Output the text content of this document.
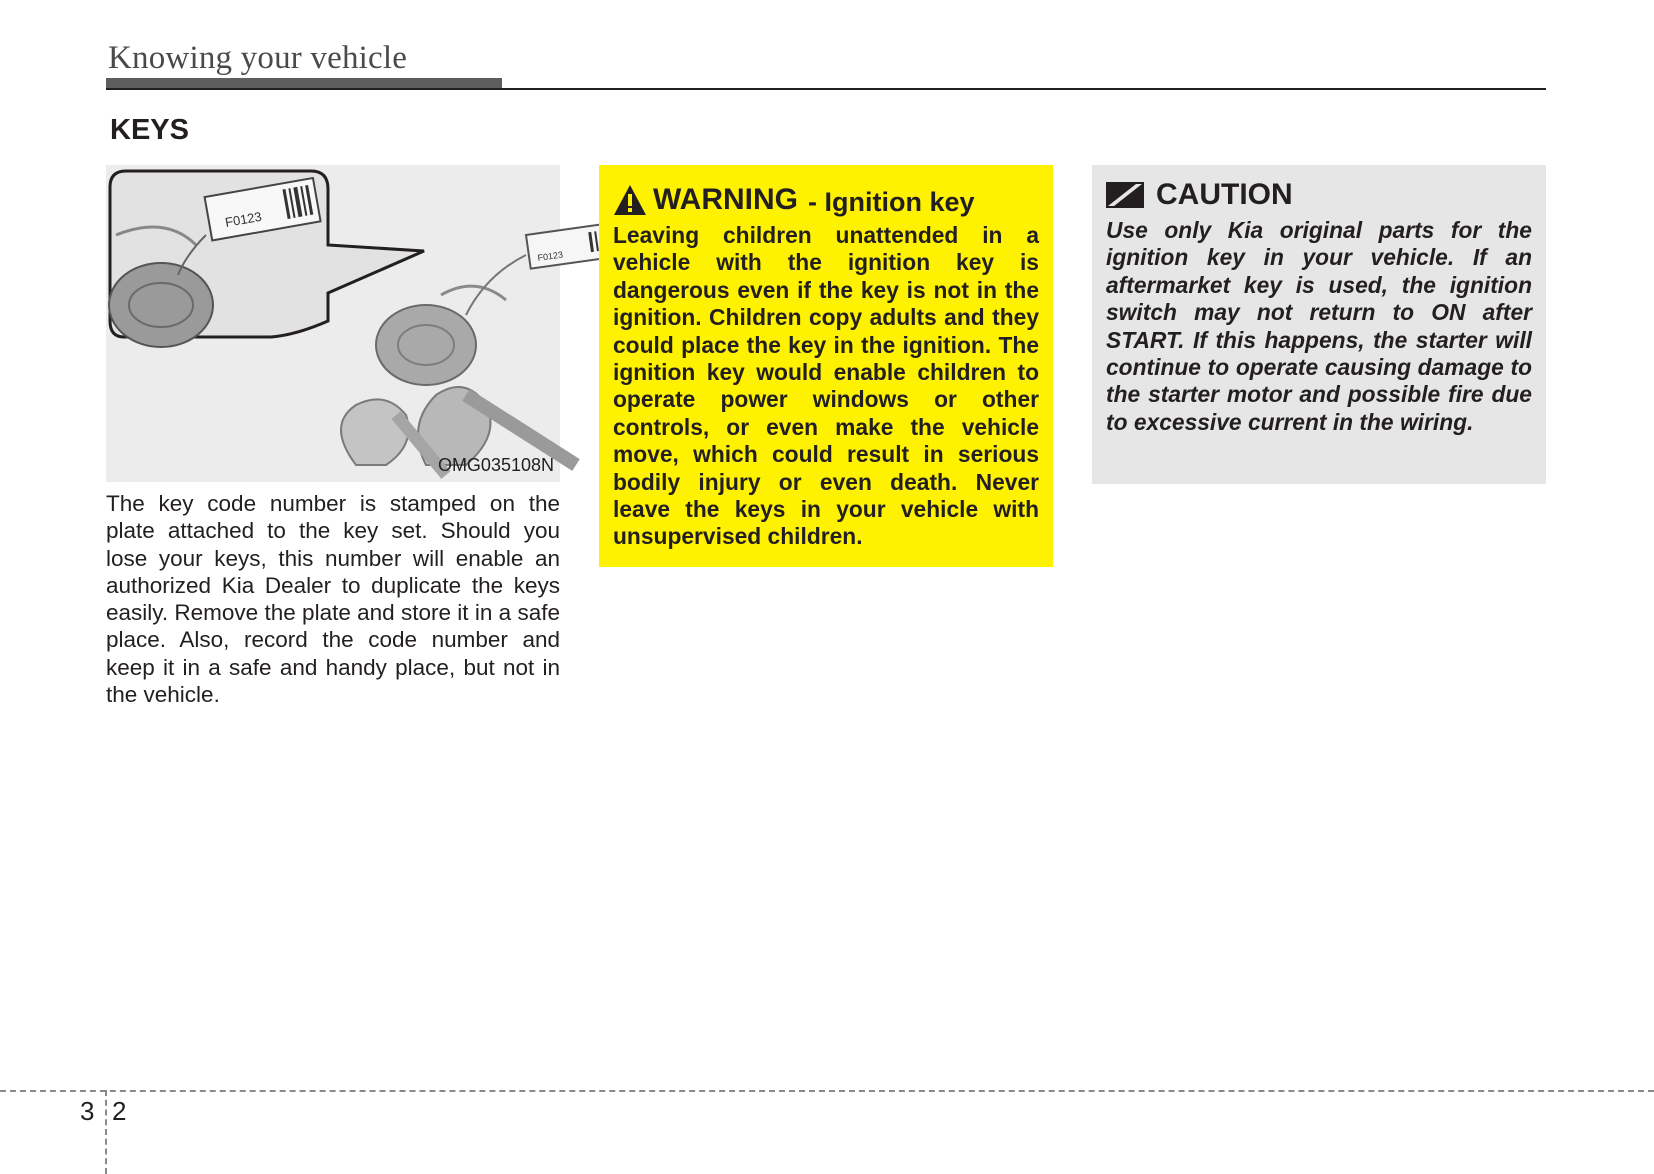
Knowing your vehicle
KEYS
F0123
F0123
OMG035108N

The key code number is stamped on the plate attached to the key set. Should you lose your keys, this number will enable an authorized Kia Dealer to duplicate the keys easily. Remove the plate and store it in a safe place. Also, record the code number and keep it in a safe and handy place, but not in the vehicle.

WARNING - Ignition key

Leaving children unattended in a vehicle with the ignition key is dangerous even if the key is not in the ignition. Children copy adults and they could place the key in the ignition. The ignition key would enable children to operate power windows or other controls, or even make the vehicle move, which could result in serious bodily injury or even death. Never leave the keys in your vehicle with unsupervised children.

CAUTION

Use only Kia original parts for the ignition key in your vehicle. If an aftermarket key is used, the ignition switch may not return to ON after START. If this happens, the starter will continue to operate causing damage to the starter motor and possible fire due to excessive current in the wiring.

3 2
